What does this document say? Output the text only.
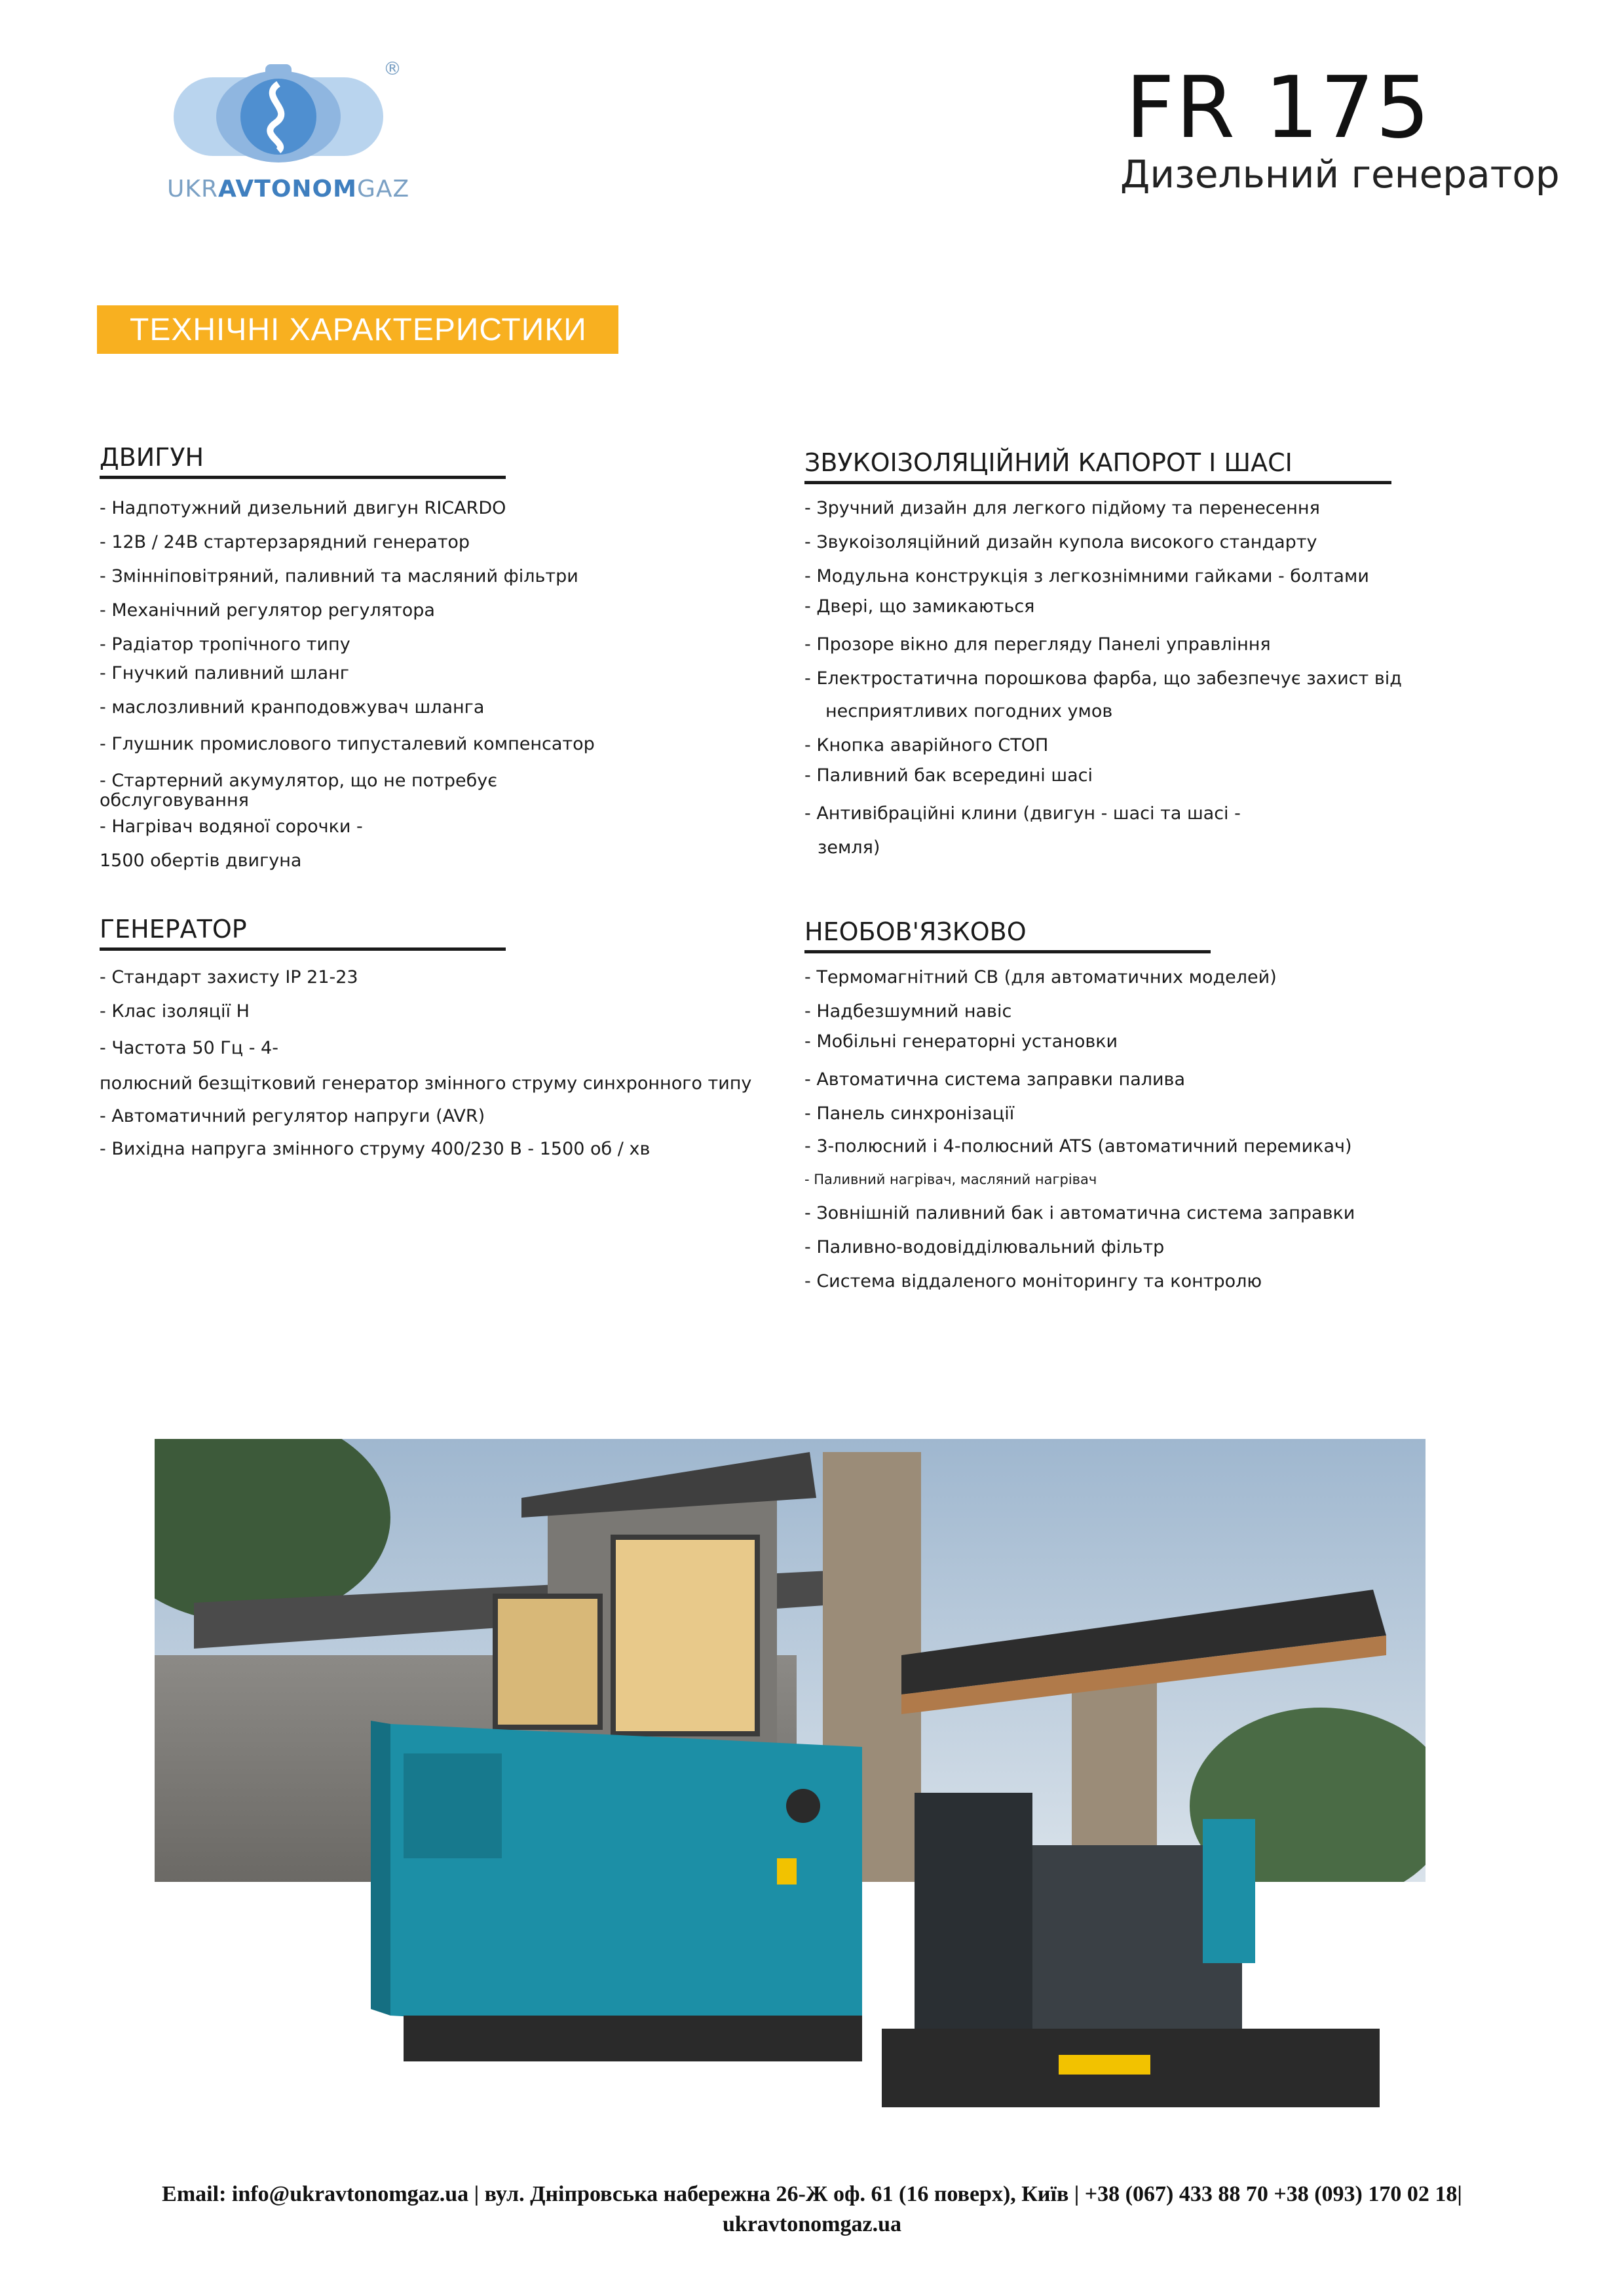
®
UKRAVTONOMGAZ
FR 175
Дизельний генератор
ТЕХНІЧНІ ХАРАКТЕРИСТИКИ
ДВИГУН
- Надпотужний дизельний двигун RICARDO
- 12В / 24В стартерзарядний генератор
- Змінніповітряний, паливний та масляний фільтри
- Механічний регулятор регулятора
- Радіатор тропічного типу
- Гнучкий паливний шланг
- маслозливний кранподовжувач шланга
- Глушник промислового типусталевий компенсатор
- Стартерний акумулятор, що не потребує
обслуговування
- Нагрівач водяної сорочки -
1500 обертів двигуна
ЗВУКОІЗОЛЯЦІЙНИЙ КАПОРОТ І ШАСІ
- Зручний дизайн для легкого підйому та перенесення
- Звукоізоляційний дизайн купола високого стандарту
- Модульна конструкція з легкознімними гайками - болтами
- Двері, що замикаються
- Прозоре вікно для перегляду Панелі управління
- Електростатична порошкова фарба, що забезпечує захист від
несприятливих погодних умов
- Кнопка аварійного СТОП
- Паливний бак всередині шасі
- Антивібраційні клини (двигун - шасі та шасі -
земля)
ГЕНЕРАТОР
- Стандарт захисту IP 21-23
- Клас ізоляції H
- Частота 50 Гц - 4-
полюсний безщітковий генератор змінного струму синхронного типу
- Автоматичний регулятор напруги (AVR)
- Вихідна напруга змінного струму 400/230 В - 1500 об / хв
НЕОБОВ'ЯЗКОВО
- Термомагнітний CB (для автоматичних моделей)
- Надбезшумний навіс
- Мобільні генераторні установки
- Автоматична система заправки палива
- Панель синхронізації
- 3-полюсний і 4-полюсний ATS (автоматичний перемикач)
- Паливний нагрівач, масляний нагрівач
- Зовнішній паливний бак і автоматична система заправки
- Паливно-водовідділювальний фільтр
- Система віддаленого моніторингу та контролю
Email: info@ukravtonomgaz.ua | вул. Дніпровська набережна 26-Ж оф. 61 (16 поверх), Київ | +38 (067) 433 88 70 +38 (093) 170 02 18|
ukravtonomgaz.ua
